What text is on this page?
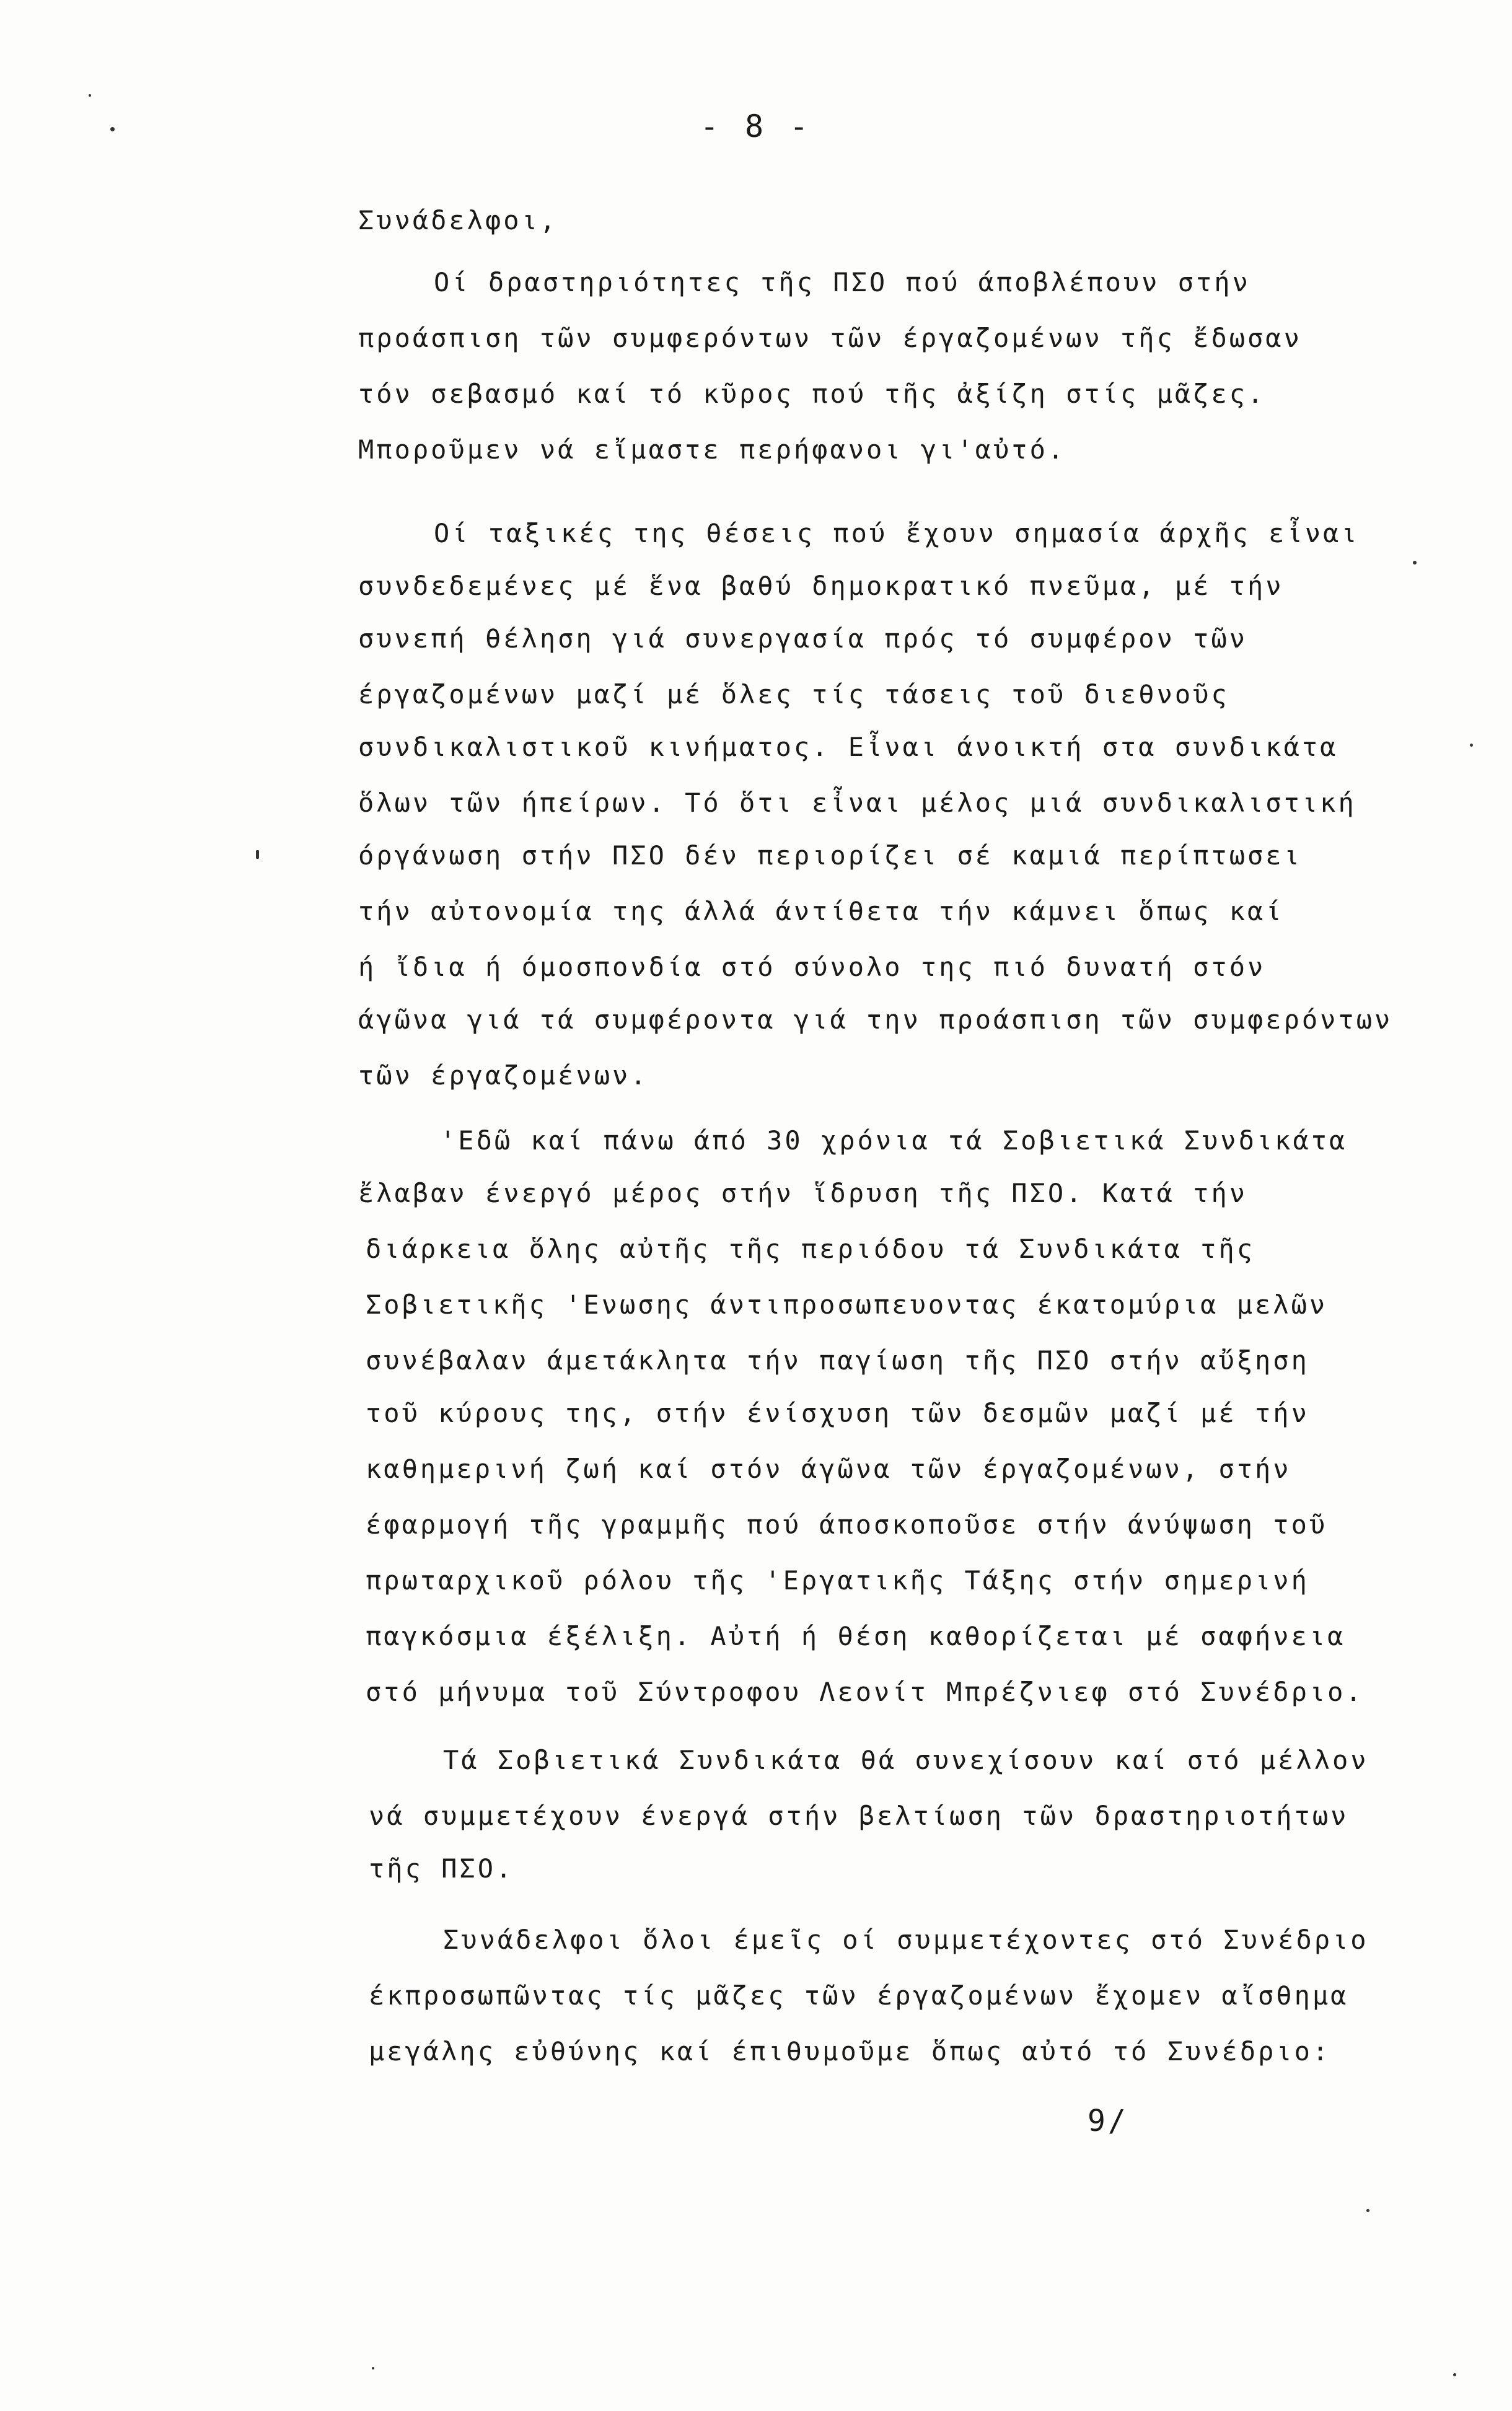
- 8 -
Συνάδελφοι,
Οί δραστηριότητες τῆς ΠΣΟ πού άποβλέπουν στήν
προάσπιση τῶν συμφερόντων τῶν έργαζομένων τῆς ἔδωσαν
τόν σεβασμό καί τό κῦρος πού τῆς ἀξίζη στίς μᾶζες.
Μποροῦμεν νά εἴμαστε περήφανοι γι'αὐτό.
Οί ταξικές της θέσεις πού ἔχουν σημασία άρχῆς εἶναι
συνδεδεμένες μέ ἕνα βαθύ δημοκρατικό πνεῦμα, μέ τήν
συνεπή θέληση γιά συνεργασία πρός τό συμφέρον τῶν
έργαζομένων μαζί μέ ὅλες τίς τάσεις τοῦ διεθνοῦς
συνδικαλιστικοῦ κινήματος. Εἶναι άνοικτή στα συνδικάτα
ὅλων τῶν ήπείρων. Τό ὅτι εἶναι μέλος μιά συνδικαλιστική
όργάνωση στήν ΠΣΟ δέν περιορίζει σέ καμιά περίπτωσει
τήν αὐτονομία της άλλά άντίθετα τήν κάμνει ὅπως καί
ή ἴδια ή όμοσπονδία στό σύνολο της πιό δυνατή στόν
άγῶνα γιά τά συμφέροντα γιά την προάσπιση τῶν συμφερόντων
τῶν έργαζομένων.
'Εδῶ καί πάνω άπό 30 χρόνια τά Σοβιετικά Συνδικάτα
ἔλαβαν ένεργό μέρος στήν ἵδρυση τῆς ΠΣΟ. Κατά τήν
διάρκεια ὅλης αὐτῆς τῆς περιόδου τά Συνδικάτα τῆς
Σοβιετικῆς 'Ενωσης άντιπροσωπευοντας έκατομύρια μελῶν
συνέβαλαν άμετάκλητα τήν παγίωση τῆς ΠΣΟ στήν αὔξηση
τοῦ κύρους της, στήν ένίσχυση τῶν δεσμῶν μαζί μέ τήν
καθημερινή ζωή καί στόν άγῶνα τῶν έργαζομένων, στήν
έφαρμογή τῆς γραμμῆς πού άποσκοποῦσε στήν άνύψωση τοῦ
πρωταρχικοῦ ρόλου τῆς 'Εργατικῆς Τάξης στήν σημερινή
παγκόσμια έξέλιξη. Αὐτή ή θέση καθορίζεται μέ σαφήνεια
στό μήνυμα τοῦ Σύντροφου Λεονίτ Μπρέζνιεφ στό Συνέδριο.
Τά Σοβιετικά Συνδικάτα θά συνεχίσουν καί στό μέλλον
νά συμμετέχουν ένεργά στήν βελτίωση τῶν δραστηριοτήτων
τῆς ΠΣΟ.
Συνάδελφοι ὅλοι έμεῖς οί συμμετέχοντες στό Συνέδριο
έκπροσωπῶντας τίς μᾶζες τῶν έργαζομένων ἔχομεν αἴσθημα
μεγάλης εὐθύνης καί έπιθυμοῦμε ὅπως αὐτό τό Συνέδριο:
9/
